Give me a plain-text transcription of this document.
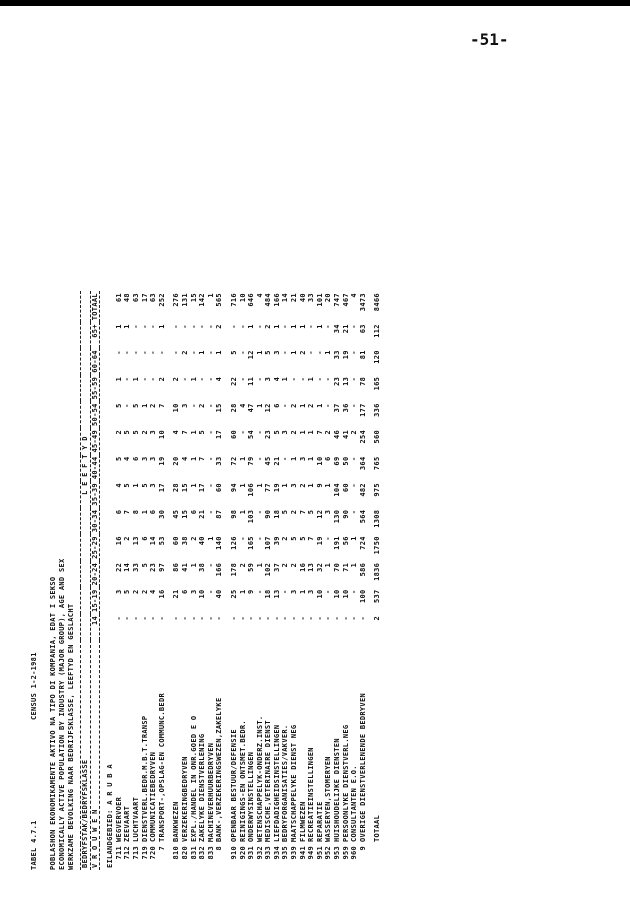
-51-
TABEL 4.7.1CENSUS 1-2-1981 POBLASHON EKONOMIKAMENTE AKTIVO NA TIPO DI KOMPANIA, EDAT I SEKSO ECONOMICALLY ACTIVE POPULATION BY INDUSTRY (MAJOR GROUP), AGE AND SEX WERKZAME BEVOLKING NAAR BEDRIJFSKLASSE, LEEFTYD EN GESLACHT BEDRYFSTAK/BEDRYFSKLASSE		L E E F T Y D												
V R O U W E N		14	15-19	20-24	25-29	30-34	35-39	40-44	45-49	50-54	55-59	60-64	65+	TOTAAL
EILANDGEBIED: A R U B A														
711	WEGVERVOER	-	3	22	16	6	4	5	2	5	1	-	1	61
712	ZEEVAART	-	5	14	2	7	5	4	5	-	-	-	1	48
713	LUCHTVAART	-	2	33	13	8	1	6	5	5	1	-	-	63
719	DIENSTVERL.BEDR.M.B.T.TRANSP	-	2	5	6	1	5	3	2	1	-	-	-	17
720	COMMUNICATIEBEDRYVEN	-	4	23	14	6	3	3	3	2	-	-	-	63
7	TRANSPORT-,OPSLAG-EN COMMUNC.BEDR	-	16	97	53	30	17	19	10	7	2	-	1	252

810	BANKWEZEN	-	21	86	60	45	28	20	4	10	2	-	-	276
820	VERZEKERINGBEDRYVEN	-	6	41	38	15	15	4	7	3	-	2	-	131
831	EXPL./HANDEL IN ONR.GOED E O	-	3	1	2	6	1	1	1	-	1	-	-	15
832	ZAKELYKE DIENSTVERLENING	-	10	38	40	21	17	7	5	2	-	1	-	142
833	MACHINEVERHUURBEDRYVEN	-	-	-	1	-	-	-	-	-	-	-	-	1
8	BANK-,VERZEKERINGSWEZEN,ZAKELYKE	-	40	166	140	87	60	33	17	15	4	1	2	565

910	OPENBAAR BESTUUR/DEFENSIE	-	25	178	126	98	94	72	60	28	22	5	-	716
920	REINIGINGS-EN ONTSMET.BEDR.	-	1	2	-	1	1	1	-	4	-	-	-	10
931	ONDERWYSINSTELLINGEN	-	9	59	165	103	106	79	54	47	11	12	1	646
932	WETENSCHAPPELYK-ONDERZ.INST.	-	-	1	-	-	1	-	-	1	-	1	-	4
933	MEDISCHE,VETERINAIRE DIENST	-	18	102	107	90	77	45	23	12	3	5	2	484
934	LIEFDADIGHEIDSINSTELLINGEN	-	13	37	39	18	19	21	5	6	4	3	1	166
935	BEDRYFORGANISATIES/VAKVER.	-	-	2	2	5	1	-	3	-	1	-	-	14
939	MAATSCHAPPELYKE DIENST NEG	-	3	2	5	2	3	1	2	2	-	1	1	21
941	FILMWEZEN	-	1	16	5	7	2	3	1	1	-	2	1	40
949	RECREATIEINSTELLINGEN	-	3	13	7	5	1	1	1	2	1	-	-	33
951	REPARATIE	-	10	32	19	12	9	10	7	1	-	-	1	101
952	WASSERYEN,STOMERYEN	-	-	1	-	3	1	6	2	-	-	1	-	20
953	HUISHOUDELIJKE DIENSTEN	-	10	70	191	130	104	69	46	37	23	33	34	747
959	PERSOONLYKE DIENSTVERL.NEG	-	10	71	56	90	60	50	41	36	13	19	21	467
960	CONSULTANTEN E.O.	-	-	1	1	-	-	-	2	-	-	-	-	4
9	OVERIGE DIENSTVERLENENDE BEDRYVEN	-	100	586	724	564	482	364	254	177	78	81	63	3473

	TOTAAL	2	537	1836	1750	1308	975	765	560	336	165	120	112	8466
